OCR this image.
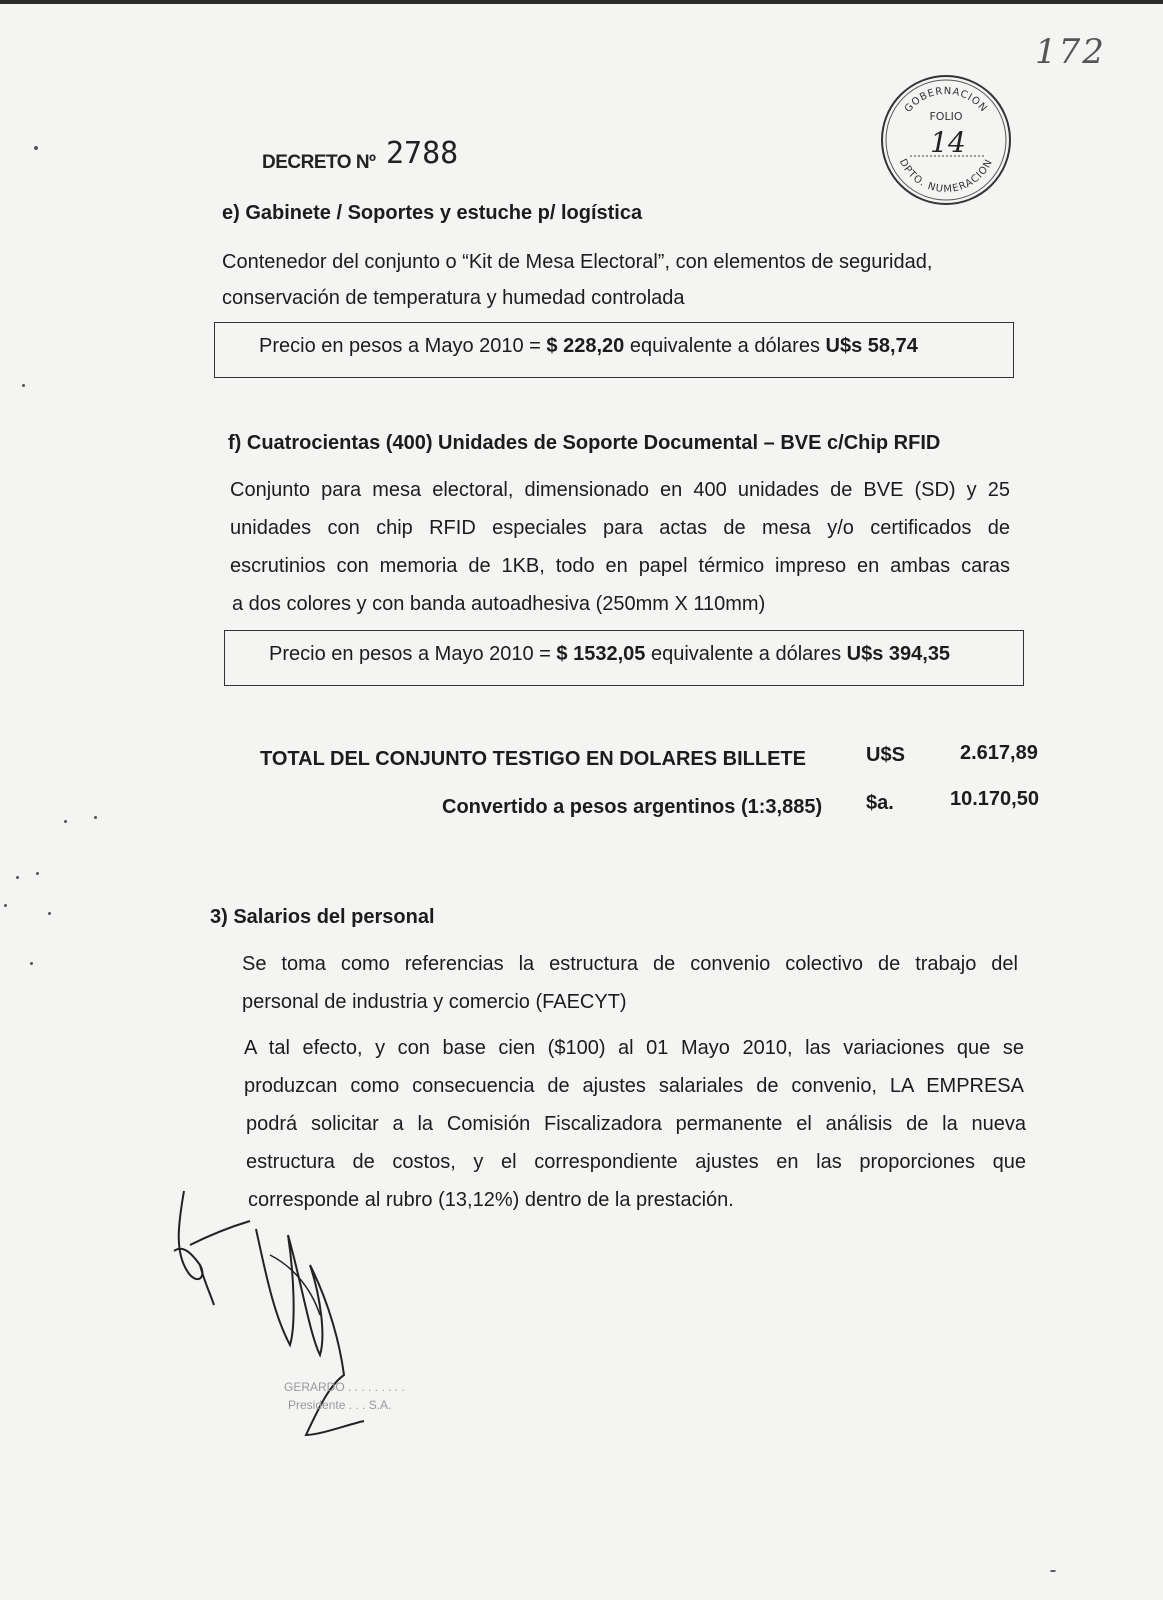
172
GOBERNACION
FOLIO
14
DPTO. NUMERACION
DECRETO Nº 2788
e) Gabinete / Soportes y estuche p/ logística
Contenedor del conjunto o “Kit de Mesa Electoral”, con elementos de seguridad,
conservación de temperatura y humedad controlada
Precio en pesos a Mayo 2010 = $ 228,20 equivalente a dólares U$s 58,74
f) Cuatrocientas (400) Unidades de Soporte Documental – BVE c/Chip RFID
Conjunto para mesa electoral, dimensionado en 400 unidades de BVE (SD) y 25
unidades con chip RFID especiales para actas de mesa y/o certificados de
escrutinios con memoria de 1KB, todo en papel térmico impreso en ambas caras
a dos colores y con banda autoadhesiva (250mm X 110mm)
Precio en pesos a Mayo 2010 = $ 1532,05 equivalente a dólares U$s 394,35
TOTAL DEL CONJUNTO TESTIGO EN DOLARES BILLETE	U$S	2.617,89
Convertido a pesos argentinos (1:3,885) $a.	10.170,50
3) Salarios del personal
Se toma como referencias la estructura de convenio colectivo de trabajo del
personal de industria y comercio (FAECYT)
A tal efecto, y con base cien ($100) al 01 Mayo 2010, las variaciones que se
produzcan como consecuencia de ajustes salariales de convenio, LA EMPRESA
podrá solicitar a la Comisión Fiscalizadora permanente el análisis de la nueva
estructura de costos, y el correspondiente ajustes en las proporciones que
corresponde al rubro (13,12%) dentro de la prestación.
GERARDO . . . . . . . . .
Presidente . . . S.A.
